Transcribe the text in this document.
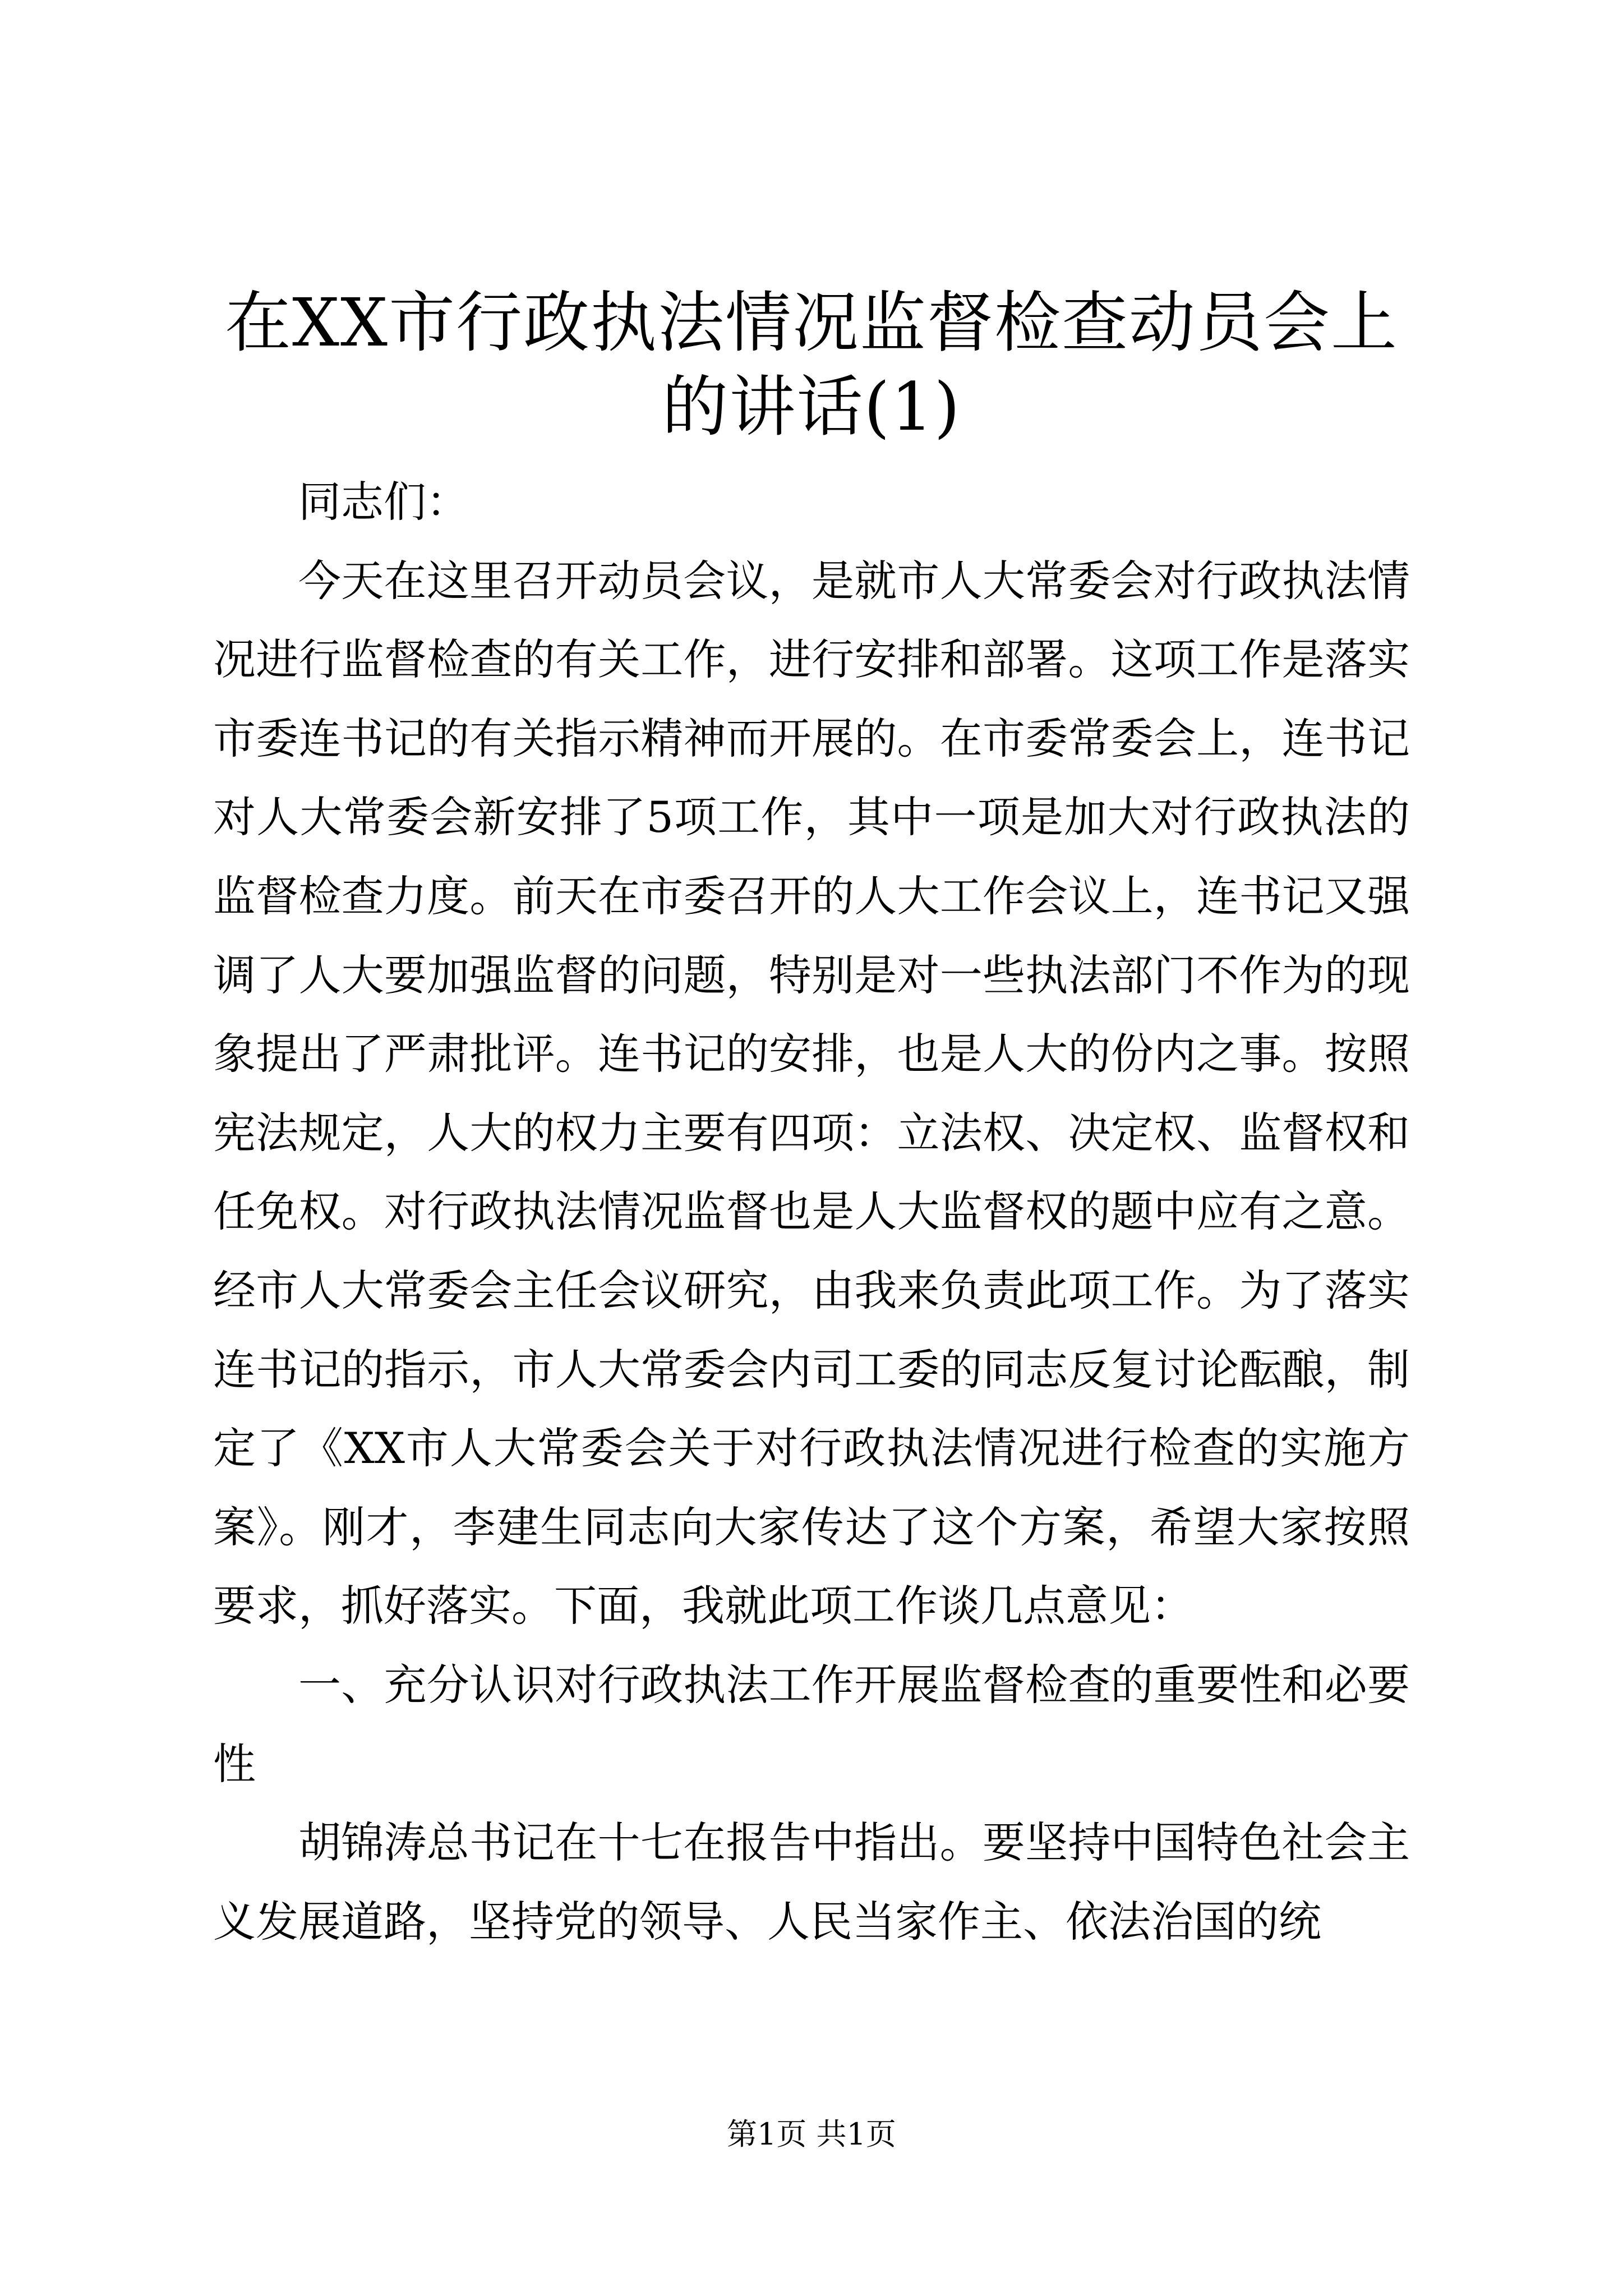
在XX市行政执法情况监督检查动员会上的讲话(1)

同志们：

今天在这里召开动员会议，是就市人大常委会对行政执法情况进行监督检查的有关工作，进行安排和部署。这项工作是落实市委连书记的有关指示精神而开展的。在市委常委会上，连书记对人大常委会新安排了5项工作，其中一项是加大对行政执法的监督检查力度。前天在市委召开的人大工作会议上，连书记又强调了人大要加强监督的问题，特别是对一些执法部门不作为的现象提出了严肃批评。连书记的安排，也是人大的份内之事。按照宪法规定，人大的权力主要有四项：立法权、决定权、监督权和任免权。对行政执法情况监督也是人大监督权的题中应有之意。经市人大常委会主任会议研究，由我来负责此项工作。为了落实连书记的指示，市人大常委会内司工委的同志反复讨论酝酿，制定了《XX市人大常委会关于对行政执法情况进行检查的实施方案》。刚才，李建生同志向大家传达了这个方案，希望大家按照要求，抓好落实。下面，我就此项工作谈几点意见：

一、充分认识对行政执法工作开展监督检查的重要性和必要性

胡锦涛总书记在十七在报告中指出。要坚持中国特色社会主义发展道路，坚持党的领导、人民当家作主、依法治国的统

第1页 共1页
